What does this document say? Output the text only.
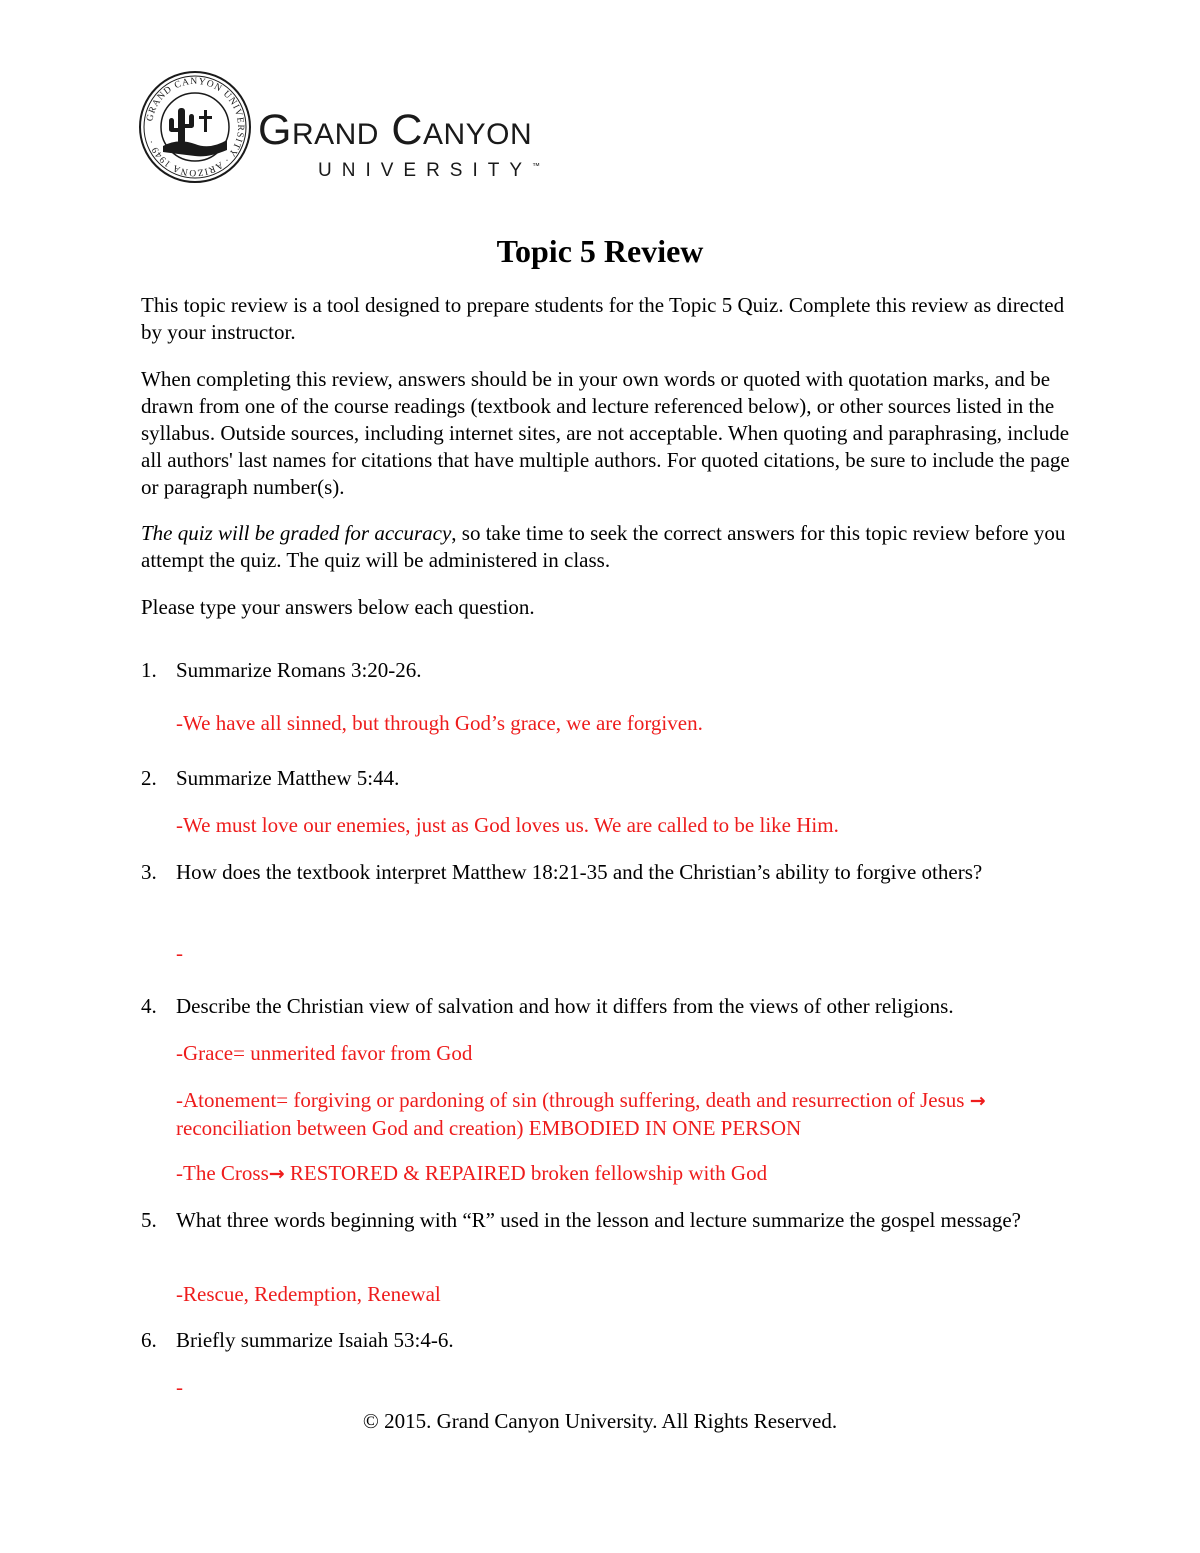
GRAND CANYON UNIVERSITY · ARIZONA 1949 ·	Grand Canyon
UNIVERSITY™
Topic 5 Review

This topic review is a tool designed to prepare students for the Topic 5 Quiz. Complete this review as directed by your instructor.

When completing this review, answers should be in your own words or quoted with quotation marks, and be drawn from one of the course readings (textbook and lecture referenced below), or other sources listed in the syllabus. Outside sources, including internet sites, are not acceptable. When quoting and paraphrasing, include all authors' last names for citations that have multiple authors. For quoted citations, be sure to include the page or paragraph number(s).

The quiz will be graded for accuracy, so take time to seek the correct answers for this topic review before you attempt the quiz. The quiz will be administered in class.

Please type your answers below each question.

1. Summarize Romans 3:20-26.
-We have all sinned, but through God’s grace, we are forgiven.
2. Summarize Matthew 5:44.
-We must love our enemies, just as God loves us. We are called to be like Him.
3. How does the textbook interpret Matthew 18:21-35 and the Christian’s ability to forgive others?
-
4. Describe the Christian view of salvation and how it differs from the views of other religions.
-Grace= unmerited favor from God
-Atonement= forgiving or pardoning of sin (through suffering, death and resurrection of Jesus → reconciliation between God and creation) EMBODIED IN ONE PERSON
-The Cross→ RESTORED & REPAIRED broken fellowship with God
5. What three words beginning with “R” used in the lesson and lecture summarize the gospel message?
-Rescue, Redemption, Renewal
6. Briefly summarize Isaiah 53:4-6.
-
© 2015. Grand Canyon University. All Rights Reserved.
